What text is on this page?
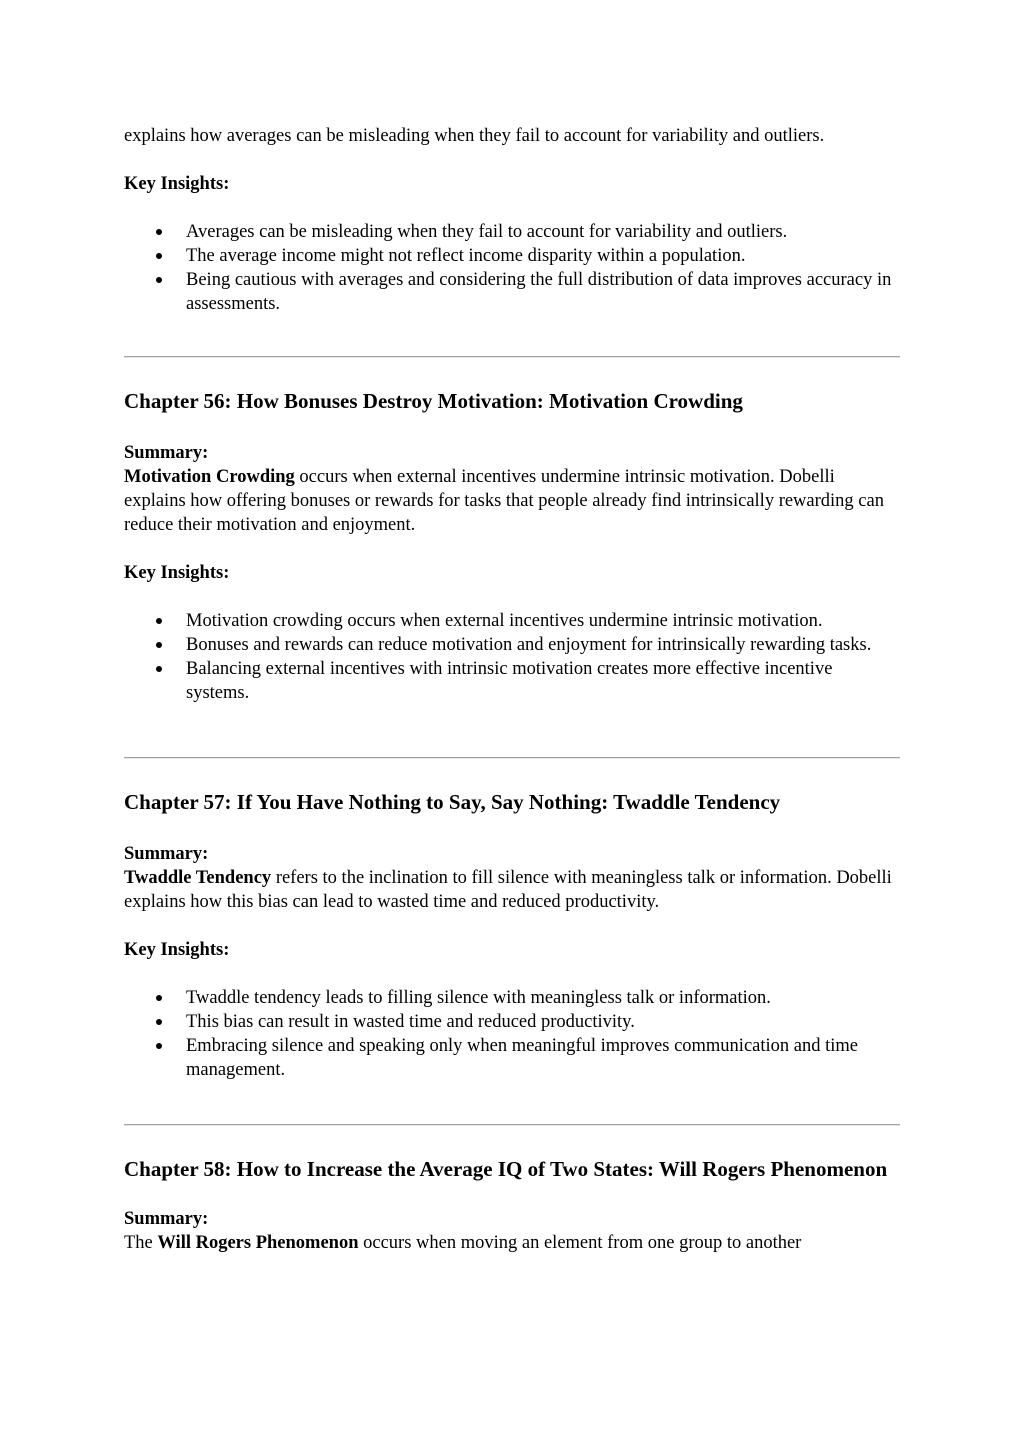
explains how averages can be misleading when they fail to account for variability and outliers.

Key Insights:

Averages can be misleading when they fail to account for variability and outliers.
The average income might not reflect income disparity within a population.
Being cautious with averages and considering the full distribution of data improves accuracy in assessments.
Chapter 56: How Bonuses Destroy Motivation: Motivation Crowding

Summary:

Motivation Crowding occurs when external incentives undermine intrinsic motivation. Dobelli explains how offering bonuses or rewards for tasks that people already find intrinsically rewarding can reduce their motivation and enjoyment.

Key Insights:

Motivation crowding occurs when external incentives undermine intrinsic motivation.
Bonuses and rewards can reduce motivation and enjoyment for intrinsically rewarding tasks.
Balancing external incentives with intrinsic motivation creates more effective incentive systems.
Chapter 57: If You Have Nothing to Say, Say Nothing: Twaddle Tendency

Summary:

Twaddle Tendency refers to the inclination to fill silence with meaningless talk or information. Dobelli explains how this bias can lead to wasted time and reduced productivity.

Key Insights:

Twaddle tendency leads to filling silence with meaningless talk or information.
This bias can result in wasted time and reduced productivity.
Embracing silence and speaking only when meaningful improves communication and time management.
Chapter 58: How to Increase the Average IQ of Two States: Will Rogers Phenomenon

Summary:

The Will Rogers Phenomenon occurs when moving an element from one group to another
